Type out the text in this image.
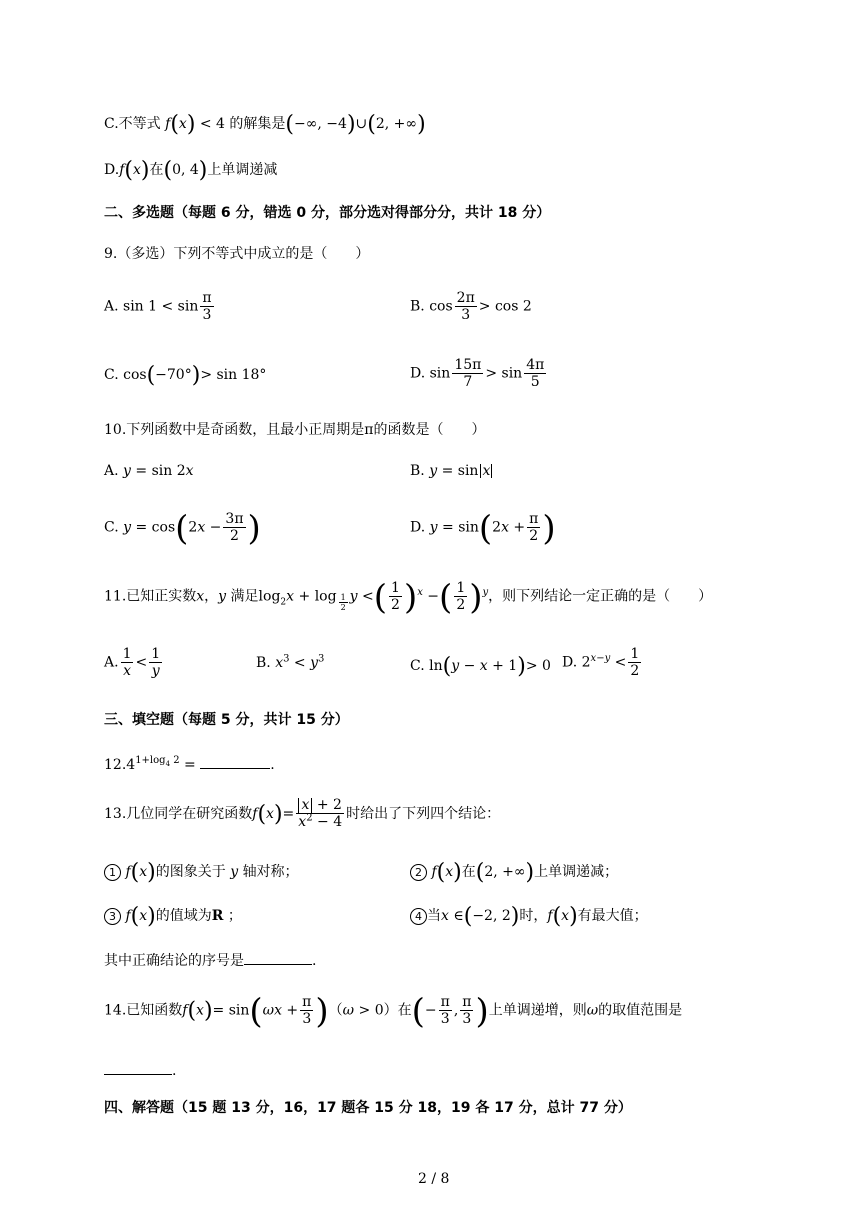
C.不等式 f(x) < 4 的解集是(−∞, −4)∪(2, +∞)
D.f(x)在(0, 4)上单调递减
二、多选题（每题 6 分，错选 0 分，部分选对得部分分，共计 18 分）
9.（多选）下列不等式中成立的是（　　）
A. $\sin 1 < \sin \frac{\pi}{3}$	B. $\cos \frac{2\pi}{3} > \cos 2$
C. cos(−70°)> sin 18°	D. $\sin \frac{15\pi}{7} > \sin \frac{4\pi}{5}$
10.下列函数中是奇函数，且最小正周期是π的函数是（　　）
A. y = sin 2x	B. y = sin x
C. $y = \cos(2x - \frac{3\pi}{2}$ )	D. $y = \sin(2x + \frac{\pi}{2}$ )
11.已知正实数x，y 满足$\log_2x + \log _{\frac{1}{2}}$ y <( $\frac{1}{2} )^x$ −( $\frac{1}{2} )^y$，则下列结论一定正确的是（　　）
A. $\frac{1}{x} < \frac{1}{y}$	B. $x^3 < y^3$	C. ln(y − x + 1)> 0 D. $2^{x-y} < \frac{1}{2}$
三、填空题（每题 5 分，共计 15 分）
$12.4^{1+log_4 2}$ =	.
13.几位同学在研究函数$f(x)= \frac{x + 2}{x^2 - 4}$ 时给出了下列四个结论：
1 f(x)的图象关于 y 轴对称；	2 f(x)在(2, +∞)上单调递减；
3 f(x)的值域为R ；	4 当x ∈(−2, 2)时，f(x)有最大值；
其中正确结论的序号是	.
14.已知函数$f(x)= \sin(\omega x + \frac{\pi}{3} )(\omega > 0)$在(− $\frac{\pi}{3}$ , $\frac{\pi}{3}$ )上单调递增，则ω的取值范围是
.
四、解答题（15 题 13 分，16，17 题各 15 分 18，19 各 17 分，总计 77 分）
2 / 8
